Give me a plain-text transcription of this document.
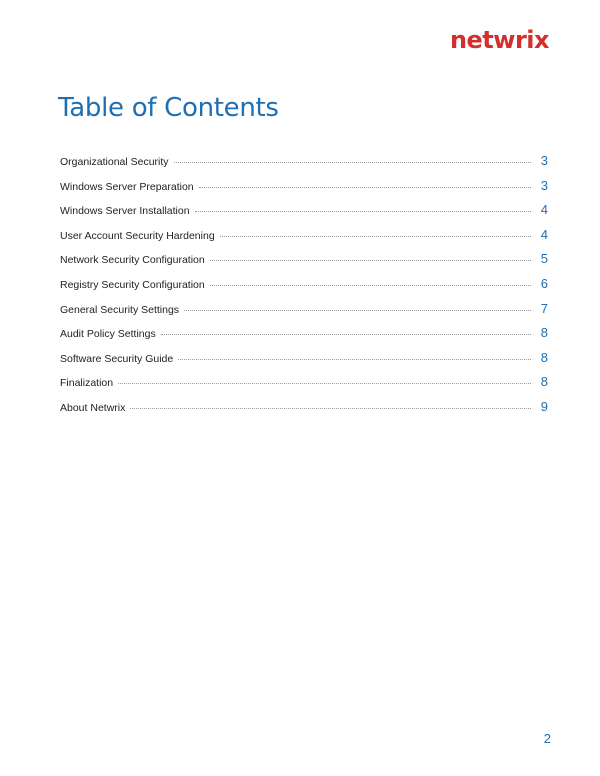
netwrix
Table of Contents
Organizational Security	3
Windows Server Preparation	3
Windows Server Installation	4
User Account Security Hardening	4
Network Security Configuration	5
Registry Security Configuration	6
General Security Settings	7
Audit Policy Settings	8
Software Security Guide	8
Finalization	8
About Netwrix	9
2
